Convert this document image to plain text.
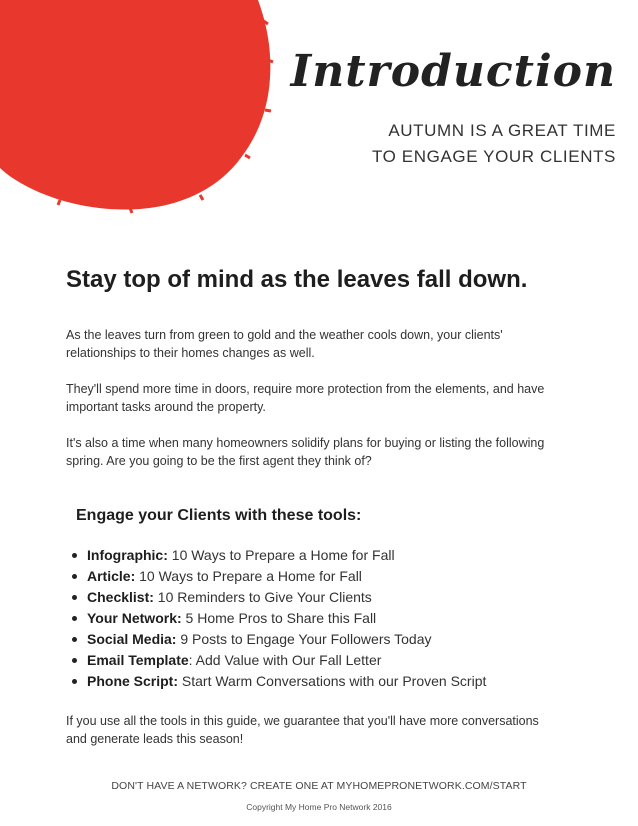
Introduction
AUTUMN IS A GREAT TIME
TO ENGAGE YOUR CLIENTS
Stay top of mind as the leaves fall down.

As the leaves turn from green to gold and the weather cools down, your clients' relationships to their homes changes as well.

They'll spend more time in doors, require more protection from the elements, and have important tasks around the property.

It's also a time when many homeowners solidify plans for buying or listing the following spring. Are you going to be the first agent they think of?

Engage your Clients with these tools:
Infographic: 10 Ways to Prepare a Home for Fall
Article: 10 Ways to Prepare a Home for Fall
Checklist: 10 Reminders to Give Your Clients
Your Network: 5 Home Pros to Share this Fall
Social Media: 9 Posts to Engage Your Followers Today
Email Template : Add Value with Our Fall Letter
Phone Script: Start Warm Conversations with our Proven Script

If you use all the tools in this guide, we guarantee that you'll have more conversations and generate leads this season!

DON'T HAVE A NETWORK? CREATE ONE AT MYHOMEPRONETWORK.COM/START
Copyright My Home Pro Network 2016
